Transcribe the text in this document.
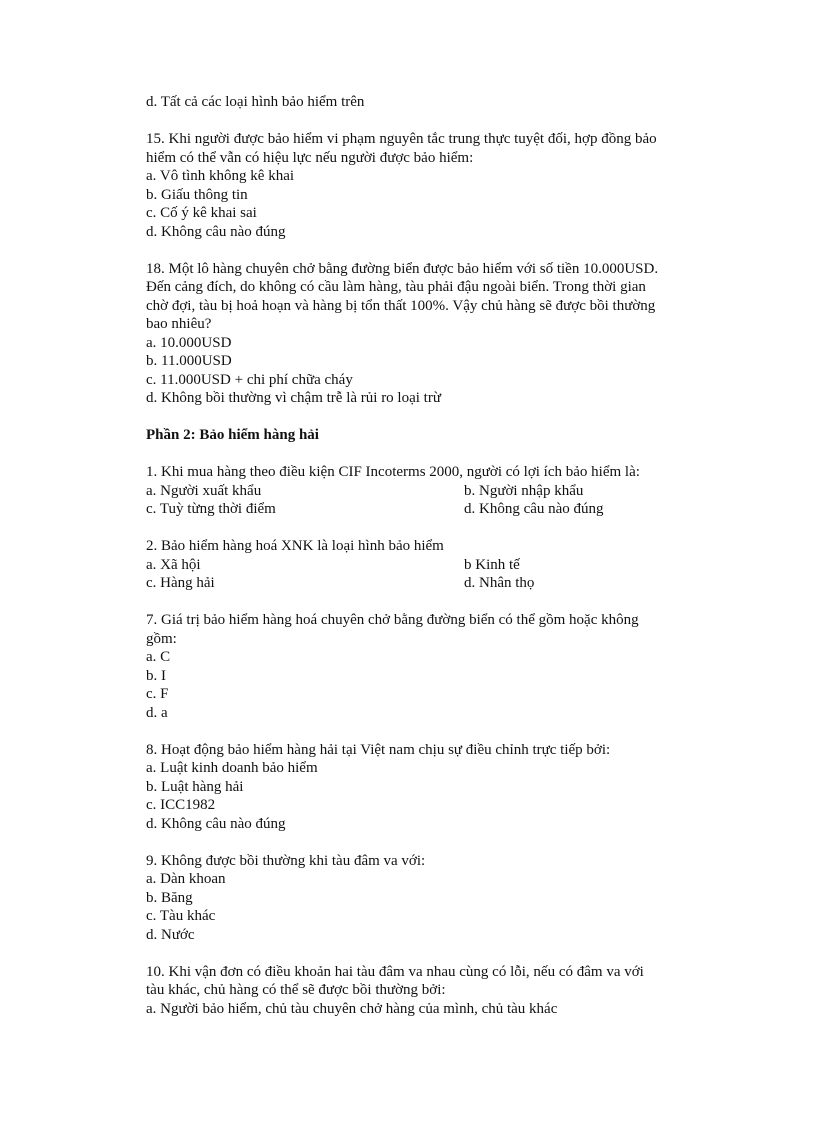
d. Tất cả các loại hình bảo hiểm trên
15. Khi người được bảo hiểm vi phạm nguyên tắc trung thực tuyệt đối, hợp đồng bảo
hiểm có thể vẫn có hiệu lực nếu người được bảo hiểm:
a. Vô tình không kê khai
b. Giấu thông tin
c. Cố ý kê khai sai
d. Không câu nào đúng
18. Một lô hàng chuyên chở bằng đường biển được bảo hiểm với số tiền 10.000USD.
Đến cảng đích, do không có cầu làm hàng, tàu phải đậu ngoài biển. Trong thời gian
chờ đợi, tàu bị hoả hoạn và hàng bị tổn thất 100%. Vậy chủ hàng sẽ được bồi thường
bao nhiêu?
a. 10.000USD
b. 11.000USD
c. 11.000USD + chi phí chữa cháy
d. Không bồi thường vì chậm trễ là rủi ro loại trừ
Phần 2: Bảo hiểm hàng hải
1. Khi mua hàng theo điều kiện CIF Incoterms 2000, người có lợi ích bảo hiểm là:
a. Người xuất khẩu	b. Người nhập khẩu
c. Tuỳ từng thời điểm	d. Không câu nào đúng
2. Bảo hiểm hàng hoá XNK là loại hình bảo hiểm
a. Xã hội	b Kinh tế
c. Hàng hải	d. Nhân thọ
7. Giá trị bảo hiểm hàng hoá chuyên chở bằng đường biển có thể gồm hoặc không
gồm:
a. C
b. I
c. F
d. a
8. Hoạt động bảo hiểm hàng hải tại Việt nam chịu sự điều chỉnh trực tiếp bởi:
a. Luật kinh doanh bảo hiểm
b. Luật hàng hải
c. ICC1982
d. Không câu nào đúng
9. Không được bồi thường khi tàu đâm va với:
a. Dàn khoan
b. Băng
c. Tàu khác
d. Nước
10. Khi vận đơn có điều khoản hai tàu đâm va nhau cùng có lỗi, nếu có đâm va với
tàu khác, chủ hàng có thể sẽ được bồi thường bởi:
a. Người bảo hiểm, chủ tàu chuyên chở hàng của mình, chủ tàu khác
